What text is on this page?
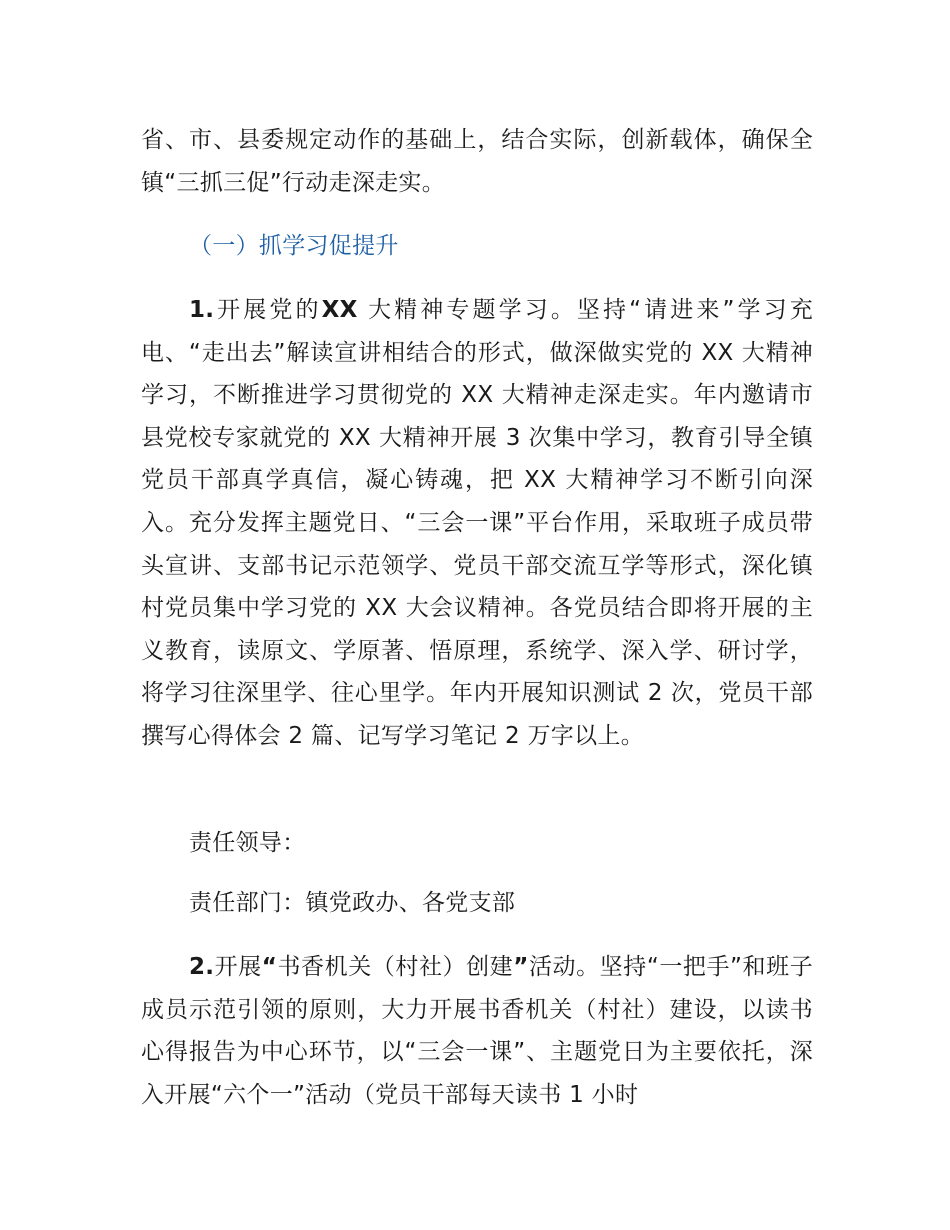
省、市、县委规定动作的基础上，结合实际，创新载体，确保全镇“三抓三促”行动走深走实。

（一）抓学习促提升

1.开展党的XX 大精神专题学习。坚持“请进来”学习充电、“走出去”解读宣讲相结合的形式，做深做实党的 XX 大精神学习，不断推进学习贯彻党的 XX 大精神走深走实。年内邀请市县党校专家就党的 XX 大精神开展 3 次集中学习，教育引导全镇党员干部真学真信，凝心铸魂，把 XX 大精神学习不断引向深入。充分发挥主题党日、“三会一课”平台作用，采取班子成员带头宣讲、支部书记示范领学、党员干部交流互学等形式，深化镇村党员集中学习党的 XX 大会议精神。各党员结合即将开展的主义教育，读原文、学原著、悟原理，系统学、深入学、研讨学，将学习往深里学、往心里学。年内开展知识测试 2 次，党员干部撰写心得体会 2 篇、记写学习笔记 2 万字以上。

责任领导：

责任部门：镇党政办、各党支部

2.开展“书香机关（村社）创建”活动。坚持“一把手”和班子成员示范引领的原则，大力开展书香机关（村社）建设，以读书心得报告为中心环节，以“三会一课”、主题党日为主要依托，深入开展“六个一”活动（党员干部每天读书 1 小时
